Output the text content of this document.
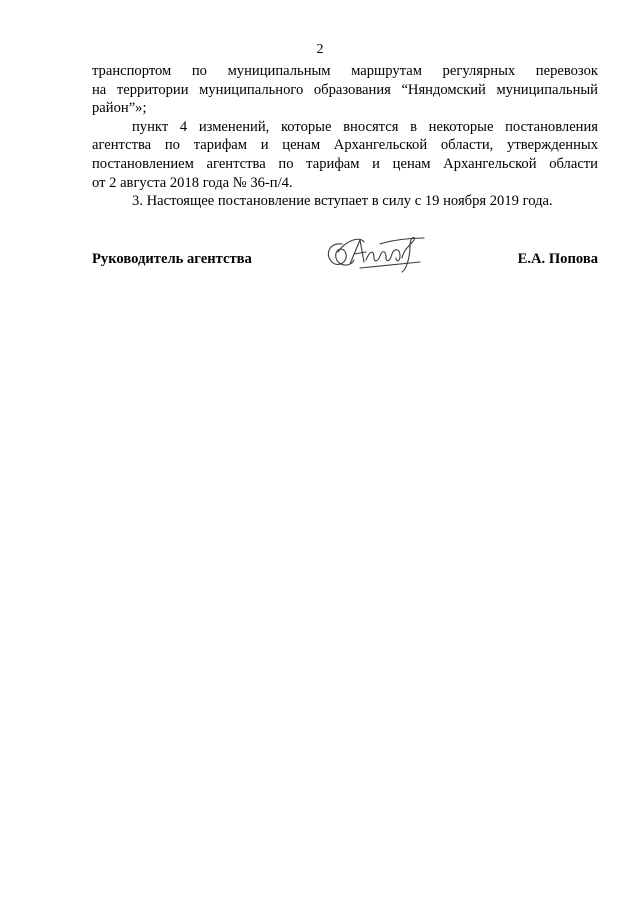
2

транспортом по муниципальным маршрутам регулярных перевозок
на территории муниципального образования “Няндомский муниципальный
район”»;

пункт 4 изменений, которые вносятся в некоторые постановления
агентства по тарифам и ценам Архангельской области, утвержденных
постановлением агентства по тарифам и ценам Архангельской области
от 2 августа 2018 года № 36-п/4.

3. Настоящее постановление вступает в силу с 19 ноября 2019 года.

Руководитель агентства	Е.А. Попова
